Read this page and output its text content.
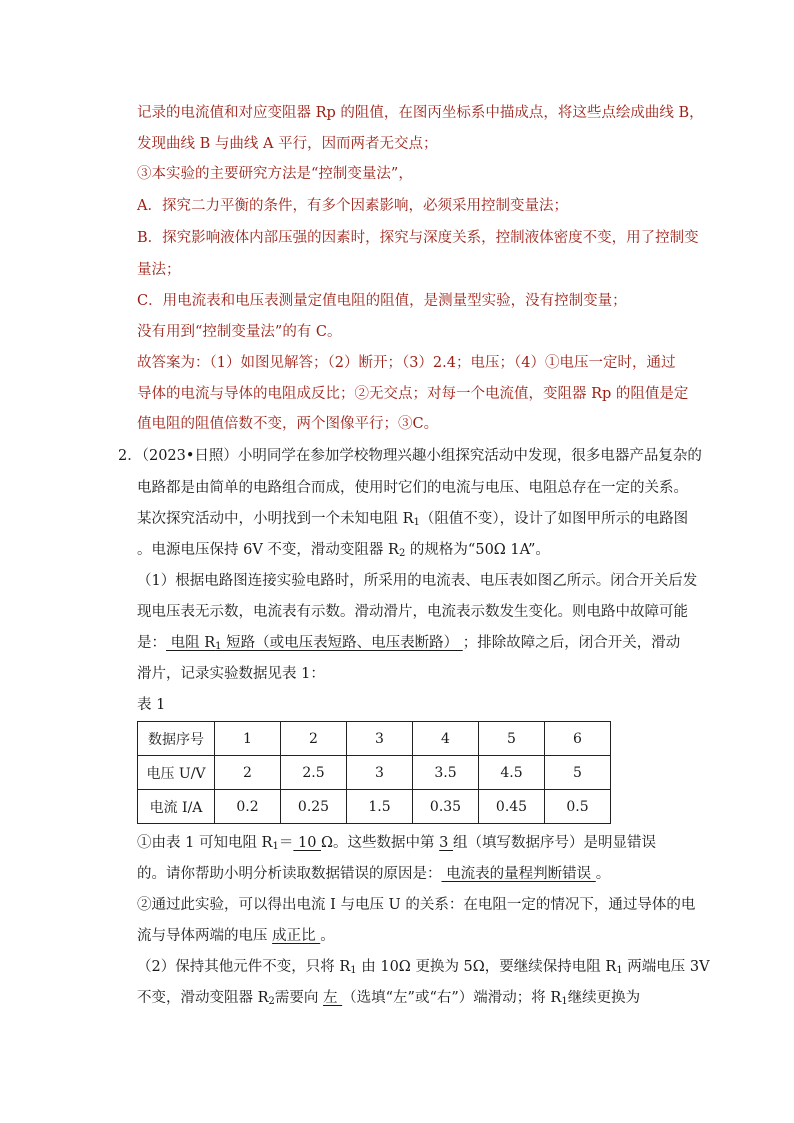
记录的电流值和对应变阻器 Rp 的阻值，在图丙坐标系中描成点，将这些点绘成曲线 B，
发现曲线 B 与曲线 A 平行，因而两者无交点；
③本实验的主要研究方法是“控制变量法”，
A．探究二力平衡的条件，有多个因素影响，必须采用控制变量法；
B．探究影响液体内部压强的因素时，探究与深度关系，控制液体密度不变，用了控制变
量法；
C．用电流表和电压表测量定值电阻的阻值，是测量型实验，没有控制变量；
没有用到“控制变量法”的有 C。
故答案为：（1）如图见解答；（2）断开；（3）2.4；电压；（4）①电压一定时，通过
导体的电流与导体的电阻成反比；②无交点；对每一个电流值，变阻器 Rp 的阻值是定
值电阻的阻值倍数不变，两个图像平行；③C。
2．（2023•日照）小明同学在参加学校物理兴趣小组探究活动中发现，很多电器产品复杂的
电路都是由简单的电路组合而成，使用时它们的电流与电压、电阻总存在一定的关系。
某次探究活动中，小明找到一个未知电阻 $R_1$（阻值不变），设计了如图甲所示的电路图
。电源电压保持 6V 不变，滑动变阻器 $R_2$ 的规格为“50Ω 1A”。
（1）根据电路图连接实验电路时，所采用的电流表、电压表如图乙所示。闭合开关后发
现电压表无示数，电流表有示数。滑动滑片，电流表示数发生变化。则电路中故障可能
是： 电阻 $R_1$ 短路（或电压表短路、电压表断路） ；排除故障之后，闭合开关，滑动
滑片，记录实验数据见表 1：
表 1
数据序号	1	2	3	4	5	6
电压 U/V	2	2.5	3	3.5	4.5	5
电流 I/A	0.2	0.25	1.5	0.35	0.45	0.5
①由表 1 可知电阻 $R_1= 10$ Ω。这些数据中第 3 组（填写数据序号）是明显错误
的。请你帮助小明分析读取数据错误的原因是： 电流表的量程判断错误 。
②通过此实验，可以得出电流 I 与电压 U 的关系：在电阻一定的情况下，通过导体的电
流与导体两端的电压 成正比 。
（2）保持其他元件不变，只将 $R_1$ 由 10Ω 更换为 5Ω，要继续保持电阻 $R_1$ 两端电压 3V
不变，滑动变阻器 $R_2$需要向 左 （选填“左”或“右”）端滑动；将 $R_1$继续更换为
